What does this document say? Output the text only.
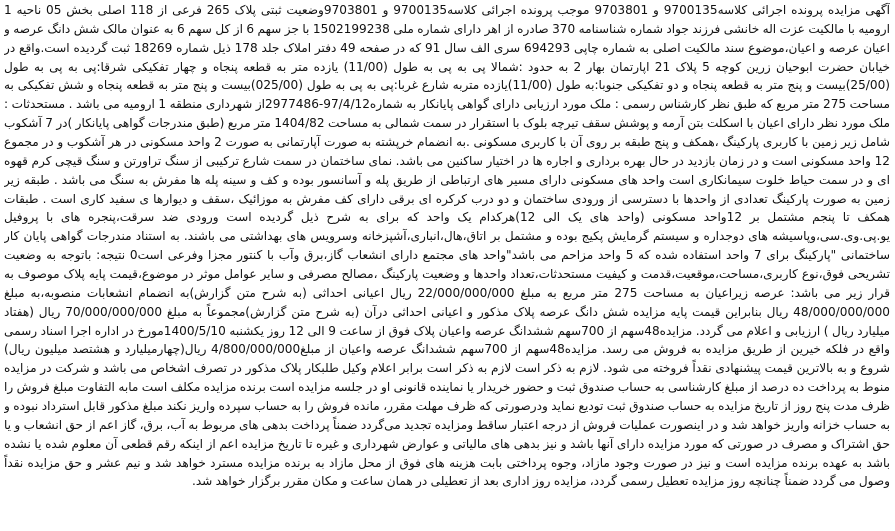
آگهی مزایده پرونده اجرائی کلاسه9700135 و 9703801 موجب پرونده اجرائی کلاسه9700135 و 9703801وضعیت ثبتی پلاک 265 فرعی از 118 اصلی بخش 05 ناحیه 1 ارومیه با مالکیت عزت اله خانشی فرزند جواد شماره شناسنامه 370 صادره از اهر دارای شماره ملی 1502199238 با جز سهم 6 از کل سهم 6 به عنوان مالک شش دانگ عرصه و اعیان عرصه و اعیان،موضوع سند مالکیت اصلی به شماره چاپی 694293 سری الف سال 91 که در صفحه 49 دفتر املاک جلد 178 ذیل شماره 18269 ثبت گردیده است.واقع در خیابان حضرت ابوحیان زرین کوچه 5 پلاک 21 اپارتمان بهار 2 به حدود :شمالا پی به پی به طول (11/00) یازده متر به قطعه پنجاه و چهار تفکیکی شرقا:پی به پی به طول (25/00)بیست و پنج متر به قطعه پنجاه و دو تفکیکی جنوبا:به طول (11/00)یازده متربه شارع غربا:پی به پی به طول (025/00)بیست و پنج متر به قطعه پنجاه و شش تفکیکی به مساحت 275 متر مربع که طبق نظر کارشناس رسمی : ملک مورد ارزیابی دارای گواهی پایانکار به شماره97/4/12-2977486از شهرداری منطقه 1 ارومیه می باشد . مستحدثات : ملک مورد نظر دارای اعیان با اسکلت بتن آرمه و پوشش سقف تیرچه بلوک با استقرار در سمت شمالی به مساحت 1404/82 متر مربع (طبق مندرجات گواهی پایانکار )در 7 آشکوب شامل زیر زمین با کاربری پارکینگ ،همکف و پنج طبقه بر روی آن با کاربری مسکونی .به انضمام خرپشته به صورت آپارتمانی به صورت 2 واحد مسکونی در هر آشکوب و در مجموع 12 واحد مسکونی است و در زمان بازدید در حال بهره برداری و اجاره ها در اختیار ساکنین می باشد. نمای ساختمان در سمت شارع ترکیبی از سنگ تراورتن و سنگ قیچی کرم قهوه ای و در سمت حیاط خلوت سیمانکاری است واحد های مسکونی دارای مسیر های ارتباطی از طریق پله و آسانسور بوده و کف و سینه پله ها مفرش به سنگ می باشد . طبقه زیر زمین به صورت پارکینگ تعدادی از واحدها با دسترسی از ورودی ساختمان و دو درب کرکره ای برقی دارای کف مفرش به موزائیک ،سقف و دیوارها ی سفید کاری است . طبقات همکف تا پنجم مشتمل بر 12واحد مسکونی (واحد های یک الی 12)هرکدام یک واحد که برای به شرح ذیل گردیده است ورودی ضد سرقت،پنجره های با پروفیل یو.پی.وی.سی،وپاسیشه های دوجداره و سیستم گرمایش پکیج بوده و مشتمل بر اتاق،هال،انباری،آشپزخانه وسرویس های بهداشتی می باشند. به استناد مندرجات گواهی پایان کار ساختمانی "پارکینگ برای 7 واحد استفاده شده که 5 واحد مزاحم می باشد"واحد های مجتمع دارای انشعاب گاز،برق وآب با کنتور مجزا وفرعی است0 نتیجه: باتوجه به وضعیت تشریحی فوق،نوع کاربری،مساحت،موقعیت،قدمت و کیفیت مستحدثات،تعداد واحدها و وضعیت پارکینگ ،مصالح مصرفی و سایر عوامل موثر در موضوع،قیمت پایه پلاک موصوف به قرار زیر می باشد: عرصه زیراعیان به مساحت 275 متر مربع به مبلغ 22/000/000/000 ریال اعیانی احداثی (به شرح متن گزارش)به انضمام انشعابات منصوبه،به مبلغ 48/000/000/000 ریال بنابراین قیمت پایه مزایده شش دانگ عرصه پلاک مذکور و اعیانی احداثی درآن (به شرح متن گزارش)مجموعاً به مبلغ 70/000/000/000 ریال (هفتاد میلیارد ریال ) ارزیابی و اعلام می گردد. مزایده48سهم از 700سهم ششدانگ عرصه واعیان پلاک فوق از ساعت 9 الی 12 روز یکشنبه 1400/5/10مورخ در اداره اجرا اسناد رسمی واقع در فلکه خیرین از طریق مزایده به فروش می رسد. مزایده48سهم از 700سهم ششدانگ عرصه واعیان از مبلغ4/800/000/000 ریال(چهارمیلیارد و هشتصد میلیون ریال) شروع و به بالاترین قیمت پیشنهادی نقداً فروخته می شود. لازم به ذکر است لازم به ذکر است برابر اعلام وکیل طلبکار پلاک مذکور در تصرف اشخاص می باشد و شرکت در مزایده منوط به پرداخت ده درصد از مبلغ کارشناسی به حساب صندوق ثبت و حضور خریدار یا نماینده قانونی او در جلسه مزایده است برنده مزایده مکلف است مابه التفاوت مبلغ فروش را ظرف مدت پنج روز از تاریخ مزایده به حساب صندوق ثبت تودیع نماید ودرصورتی که ظرف مهلت مقرر، مانده فروش را به حساب سپرده واریز نکند مبلغ مذکور قابل استرداد نبوده و به حساب خزانه واریز خواهد شد و در اینصورت عملیات فروش از درجه اعتبار ساقط ومزایده تجدید می‌گردد ضمناً پرداخت بدهی های مربوط به آب، برق، گاز اعم از حق انشعاب و یا حق اشتراک و مصرف در صورتی که مورد مزایده دارای آنها باشد و نیز بدهی های مالیاتی و عوارض شهرداری و غیره تا تاریخ مزایده اعم از اینکه رقم قطعی آن معلوم شده یا نشده باشد به عهده برنده مزایده است و نیز در صورت وجود مازاد، وجوه پرداختی بابت هزینه های فوق از محل مازاد به برنده مزایده مسترد خواهد شد و نیم عشر و حق مزایده نقداً وصول می گردد ضمناً چنانچه روز مزایده تعطیل رسمی گردد، مزایده روز اداری بعد از تعطیلی در همان ساعت و مکان مقرر برگزار خواهد شد.
